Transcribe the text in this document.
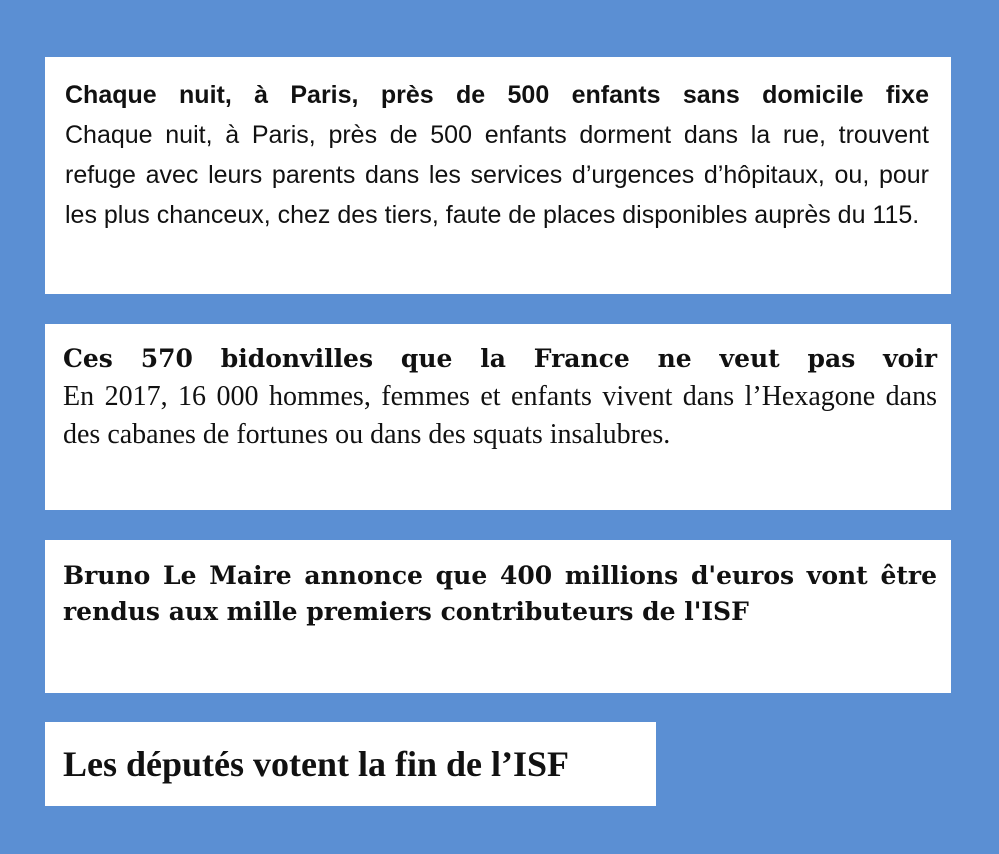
Chaque nuit, à Paris, près de 500 enfants sans domicile fixe
Chaque nuit, à Paris, près de 500 enfants dorment dans la rue, trouvent refuge avec leurs parents dans les services d’urgences d’hôpitaux, ou, pour les plus chanceux, chez des tiers, faute de places disponibles auprès du 115.
Ces 570 bidonvilles que la France ne veut pas voir
En 2017, 16 000 hommes, femmes et enfants vivent dans l’Hexagone dans des cabanes de fortunes ou dans des squats insalubres.
Bruno Le Maire annonce que 400 millions d'euros vont être rendus aux mille premiers contributeurs de l'ISF
Les députés votent la fin de l’ISF
